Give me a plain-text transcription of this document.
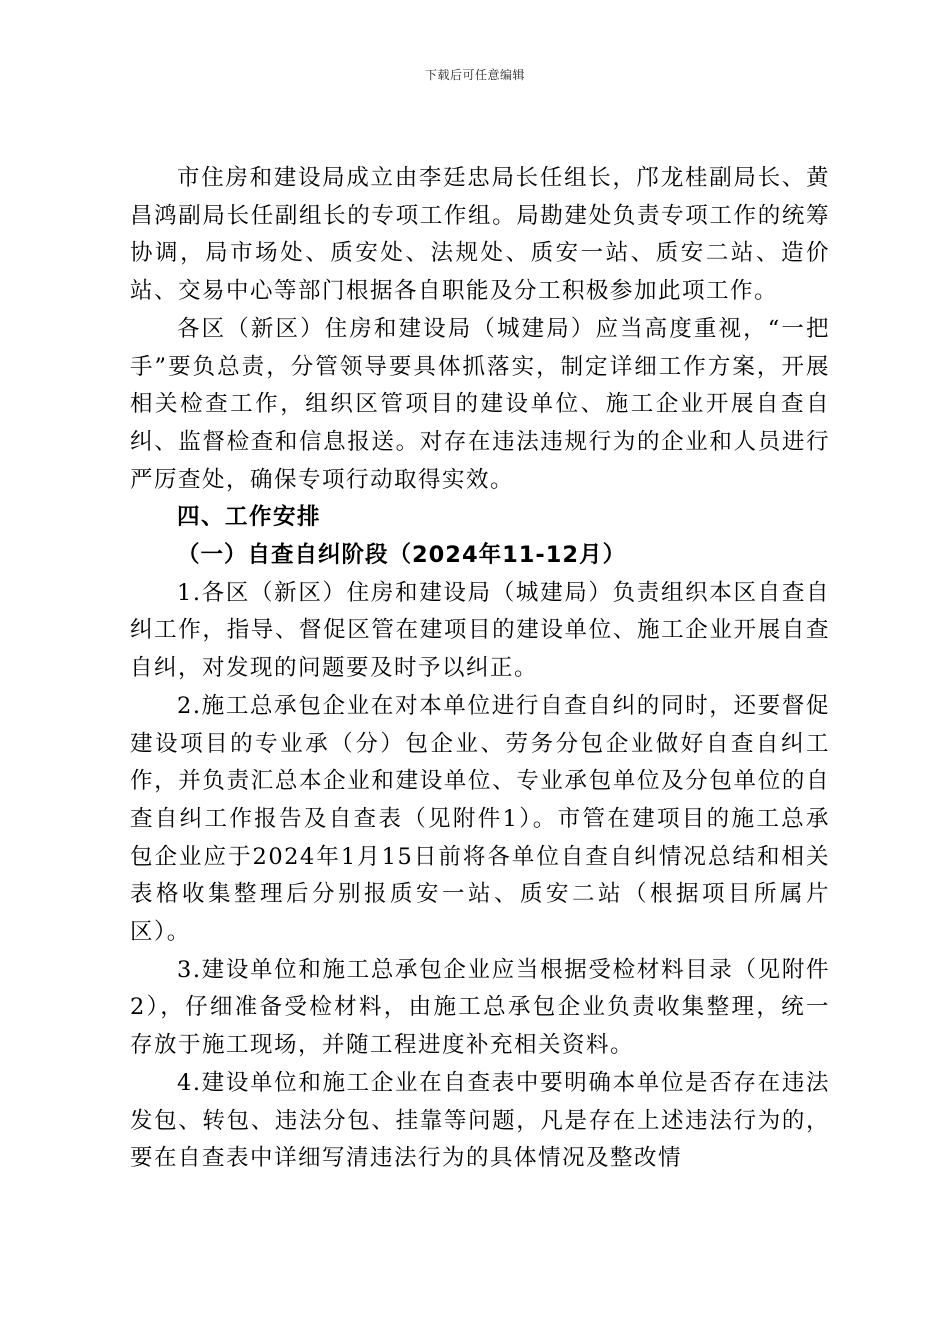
下载后可任意编辑

市住房和建设局成立由李廷忠局长任组长，邝龙桂副局长、黄昌鸿副局长任副组长的专项工作组。局勘建处负责专项工作的统筹协调，局市场处、质安处、法规处、质安一站、质安二站、造价站、交易中心等部门根据各自职能及分工积极参加此项工作。

各区（新区）住房和建设局（城建局）应当高度重视，“一把手”要负总责，分管领导要具体抓落实，制定详细工作方案，开展相关检查工作，组织区管项目的建设单位、施工企业开展自查自纠、监督检查和信息报送。对存在违法违规行为的企业和人员进行严厉查处，确保专项行动取得实效。

四、工作安排

（一）自查自纠阶段（2024年11-12月）

1.各区（新区）住房和建设局（城建局）负责组织本区自查自纠工作，指导、督促区管在建项目的建设单位、施工企业开展自查自纠，对发现的问题要及时予以纠正。

2.施工总承包企业在对本单位进行自查自纠的同时，还要督促建设项目的专业承（分）包企业、劳务分包企业做好自查自纠工作，并负责汇总本企业和建设单位、专业承包单位及分包单位的自查自纠工作报告及自查表（见附件1）。市管在建项目的施工总承包企业应于2024年1月15日前将各单位自查自纠情况总结和相关表格收集整理后分别报质安一站、质安二站（根据项目所属片区）。

3.建设单位和施工总承包企业应当根据受检材料目录（见附件2），仔细准备受检材料，由施工总承包企业负责收集整理，统一存放于施工现场，并随工程进度补充相关资料。

4.建设单位和施工企业在自查表中要明确本单位是否存在违法发包、转包、违法分包、挂靠等问题，凡是存在上述违法行为的，要在自查表中详细写清违法行为的具体情况及整改情
